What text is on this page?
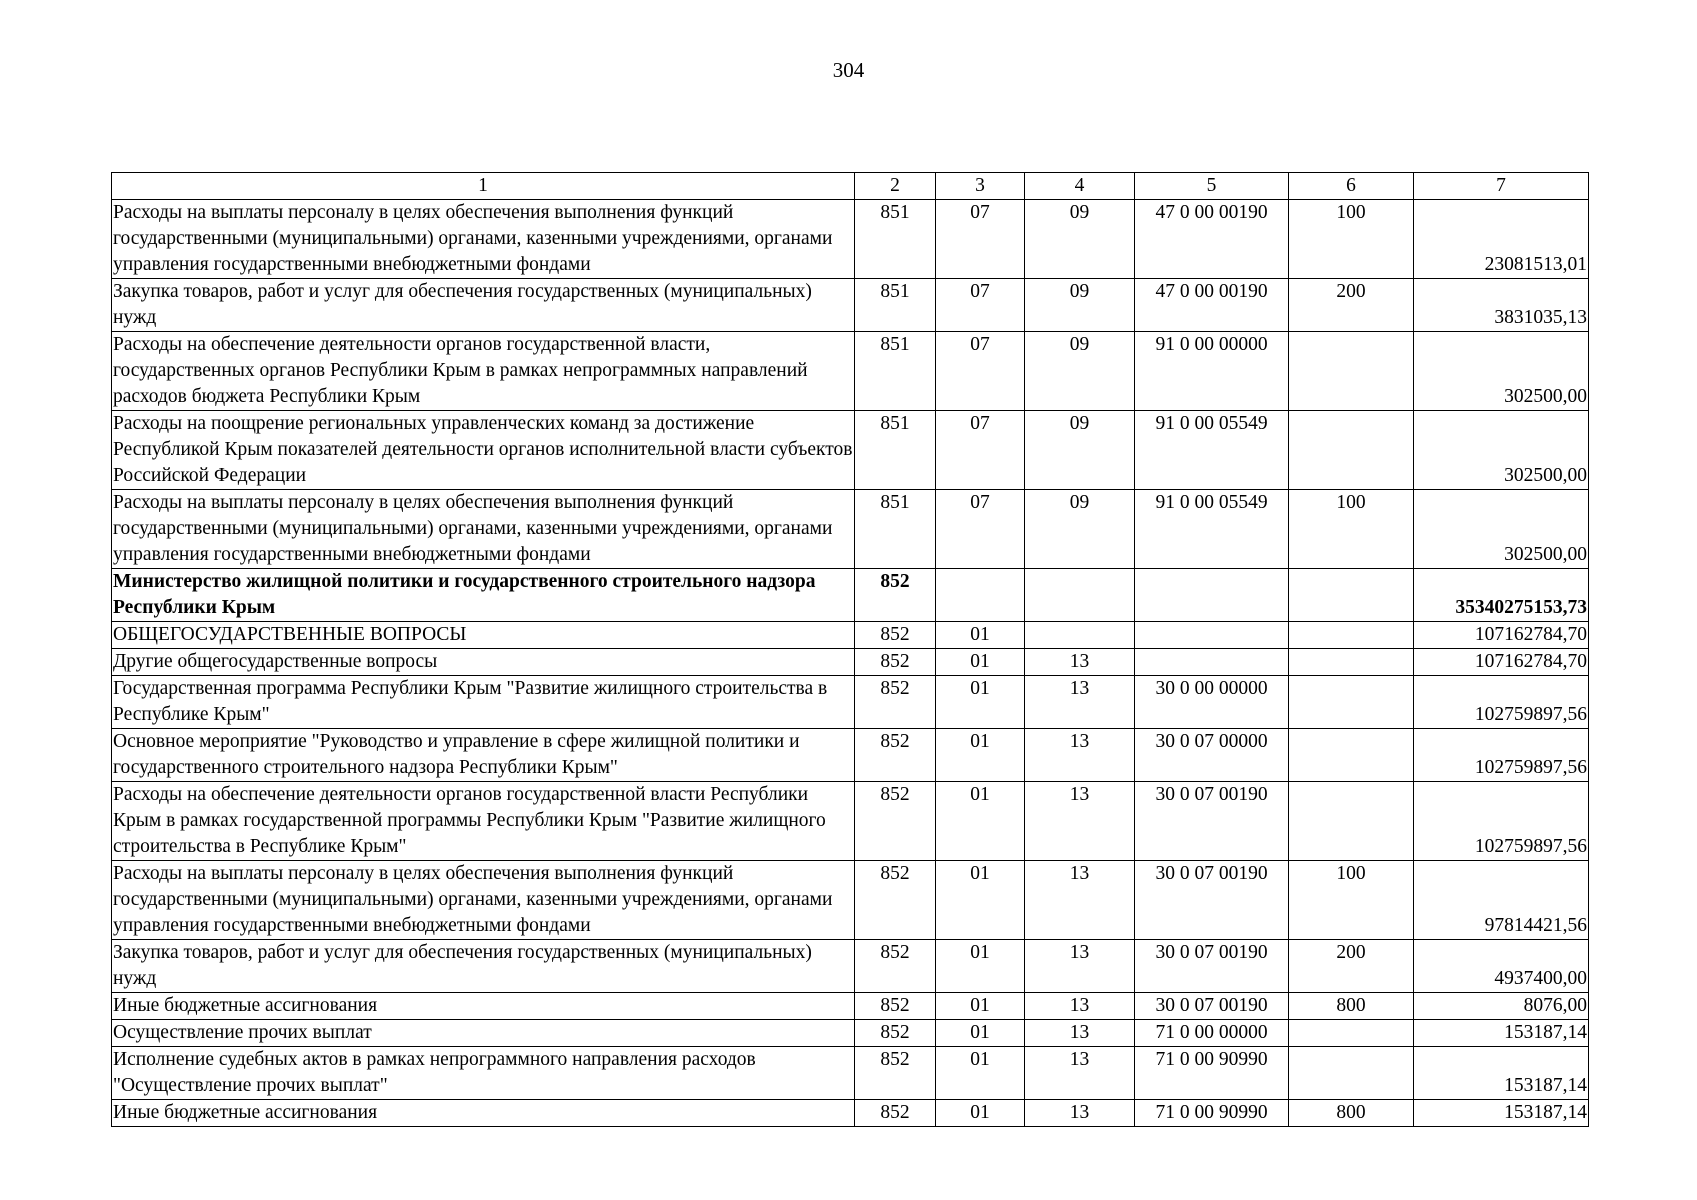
304
1	2	3	4	5	6	7
Расходы на выплаты персоналу в целях обеспечения выполнения функций государственными (муниципальными) органами, казенными учреждениями, органами управления государственными внебюджетными фондами	851	07	09	47 0 00 00190	100	23081513,01
Закупка товаров, работ и услуг для обеспечения государственных (муниципальных) нужд	851	07	09	47 0 00 00190	200	3831035,13
Расходы на обеспечение деятельности органов государственной власти, государственных органов Республики Крым в рамках непрограммных направлений расходов бюджета Республики Крым	851	07	09	91 0 00 00000		302500,00
Расходы на поощрение региональных управленческих команд за достижение Республикой Крым показателей деятельности органов исполнительной власти субъектов Российской Федерации	851	07	09	91 0 00 05549		302500,00
Расходы на выплаты персоналу в целях обеспечения выполнения функций государственными (муниципальными) органами, казенными учреждениями, органами управления государственными внебюджетными фондами	851	07	09	91 0 00 05549	100	302500,00
Министерство жилищной политики и государственного строительного надзора Республики Крым	852					35340275153,73
ОБЩЕГОСУДАРСТВЕННЫЕ ВОПРОСЫ	852	01				107162784,70
Другие общегосударственные вопросы	852	01	13			107162784,70
Государственная программа Республики Крым "Развитие жилищного строительства в Республике Крым"	852	01	13	30 0 00 00000		102759897,56
Основное мероприятие "Руководство и управление в сфере жилищной политики и государственного строительного надзора Республики Крым"	852	01	13	30 0 07 00000		102759897,56
Расходы на обеспечение деятельности органов государственной власти Республики Крым в рамках государственной программы Республики Крым "Развитие жилищного строительства в Республике Крым"	852	01	13	30 0 07 00190		102759897,56
Расходы на выплаты персоналу в целях обеспечения выполнения функций государственными (муниципальными) органами, казенными учреждениями, органами управления государственными внебюджетными фондами	852	01	13	30 0 07 00190	100	97814421,56
Закупка товаров, работ и услуг для обеспечения государственных (муниципальных) нужд	852	01	13	30 0 07 00190	200	4937400,00
Иные бюджетные ассигнования	852	01	13	30 0 07 00190	800	8076,00
Осуществление прочих выплат	852	01	13	71 0 00 00000		153187,14
Исполнение судебных актов в рамках непрограммного направления расходов "Осуществление прочих выплат"	852	01	13	71 0 00 90990		153187,14
Иные бюджетные ассигнования	852	01	13	71 0 00 90990	800	153187,14
